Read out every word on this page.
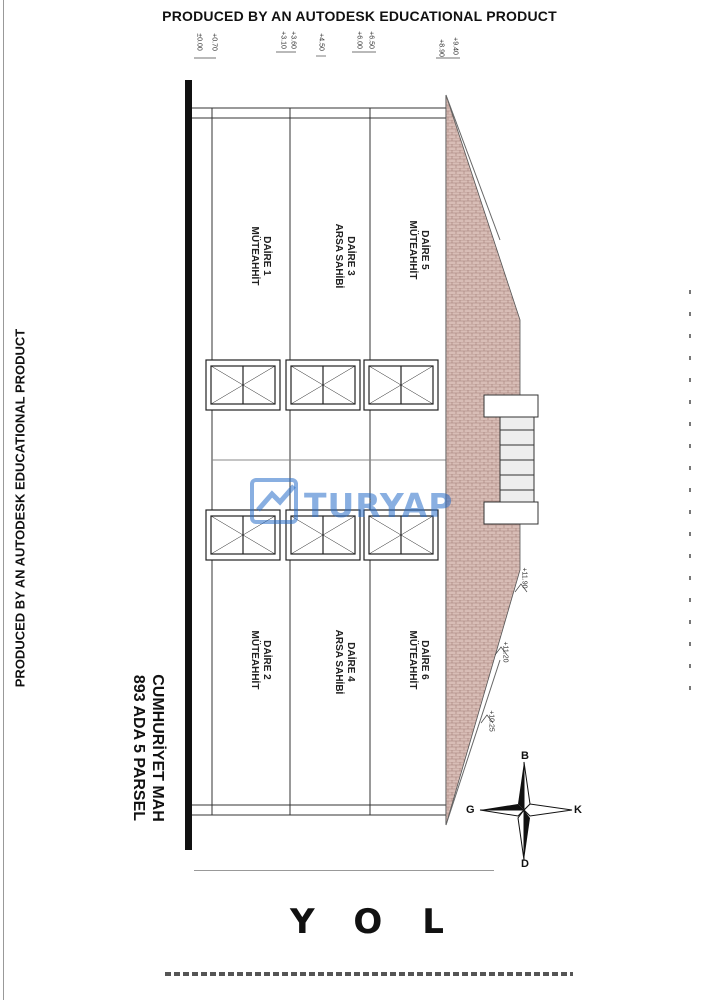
PRODUCED BY AN AUTODESK EDUCATIONAL PRODUCT
PRODUCED BY AN AUTODESK EDUCATIONAL PRODUCT
CUMHURİYET MAH
893 ADA 5 PARSEL
±0.00 +0.70	+3.10 +3.60	+4.50	+6.00 +6.50	+8.90 +9.40
+11.90
+11.20
+10.25
DAİRE 1
MÜTEAHHİT	DAİRE 3
ARSA SAHİBİ	DAİRE 5
MÜTEAHHİT
DAİRE 2
MÜTEAHHİT	DAİRE 4
ARSA SAHİBİ	DAİRE 6
MÜTEAHHİT
TURYAP
B
D
K
G
YOL
